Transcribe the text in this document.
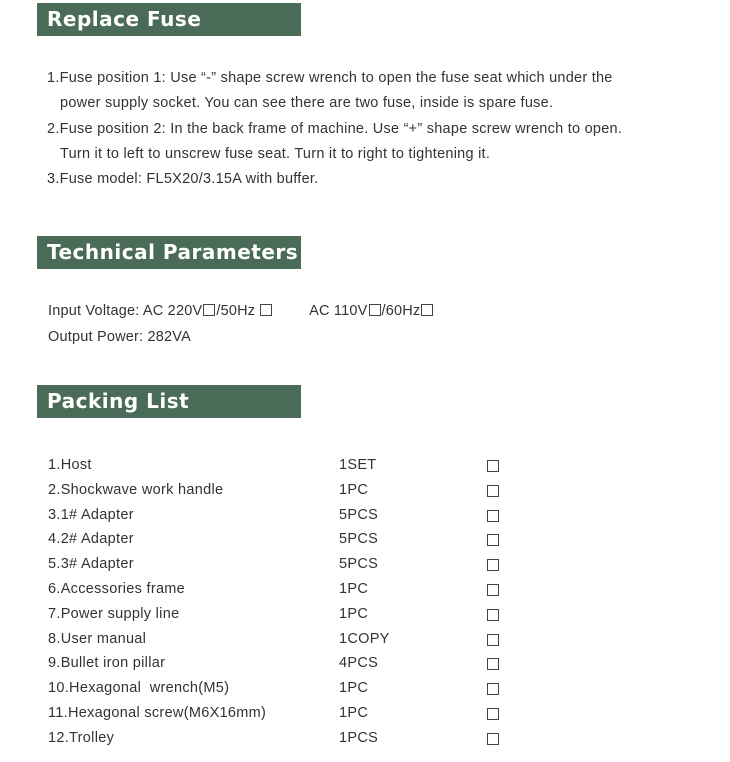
Replace Fuse
1.Fuse position 1: Use “-” shape screw wrench to open the fuse seat which under the
power supply socket. You can see there are two fuse, inside is spare fuse.
2.Fuse position 2: In the back frame of machine. Use “+” shape screw wrench to open.
Turn it to left to unscrew fuse seat. Turn it to right to tightening it.
3.Fuse model: FL5X20/3.15A with buffer.
Technical Parameters
Input Voltage: AC 220V /50Hz	AC 110V /60Hz
Output Power: 282VA
Packing List
1.Host	1SET
2.Shockwave work handle	1PC
3.1# Adapter	5PCS
4.2# Adapter	5PCS
5.3# Adapter	5PCS
6.Accessories frame	1PC
7.Power supply line	1PC
8.User manual	1COPY
9.Bullet iron pillar	4PCS
10.Hexagonal  wrench(M5)	1PC
11.Hexagonal screw(M6X16mm)	1PC
12.Trolley	1PCS
